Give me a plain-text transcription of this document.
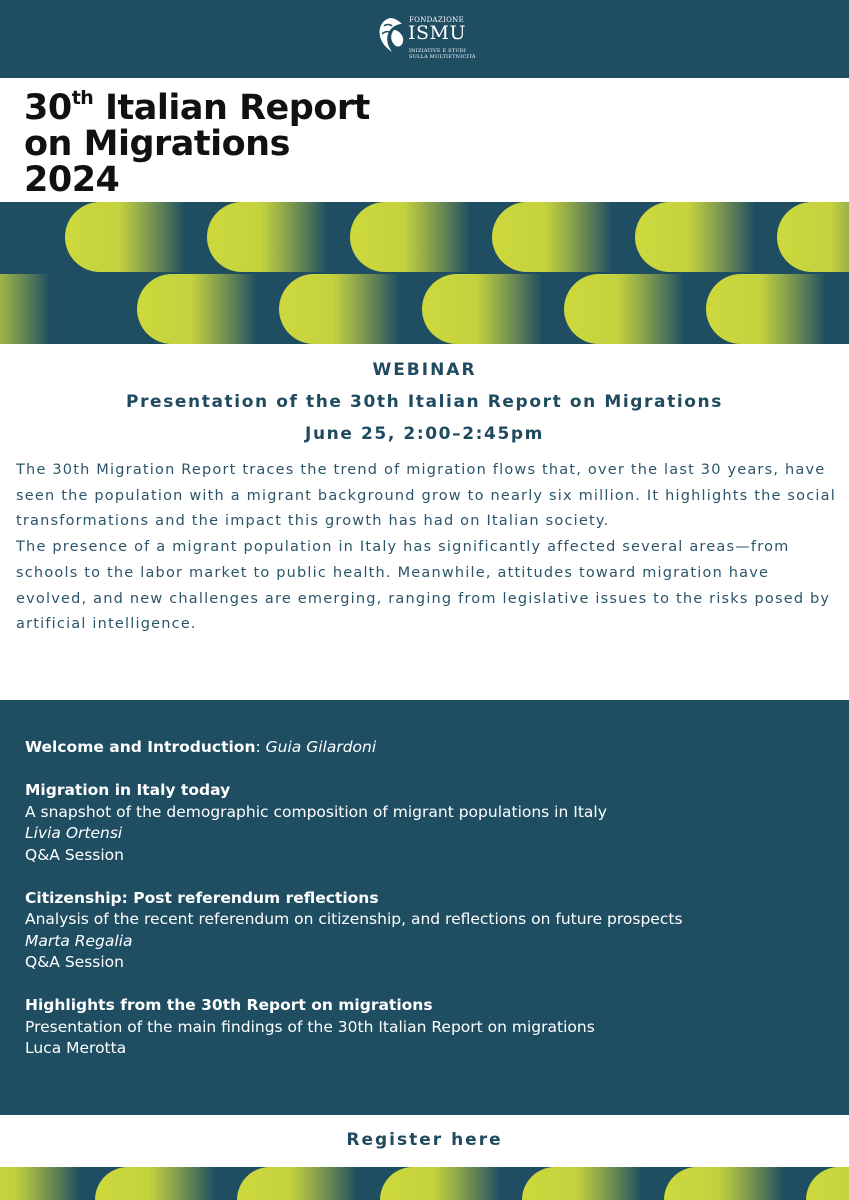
FONDAZIONE
ISMU
INIZIATIVE E STUDI
SULLA MULTIETNICITÀ
30th Italian Report
on Migrations
2024
WEBINAR
Presentation of the 30th Italian Report on Migrations
June 25, 2:00–2:45pm

The 30th Migration Report traces the trend of migration flows that, over the last 30 years, have seen the population with a migrant background grow to nearly six million. It highlights the social transformations and the impact this growth has had on Italian society.

The presence of a migrant population in Italy has significantly affected several areas—from schools to the labor market to public health. Meanwhile, attitudes toward migration have evolved, and new challenges are emerging, ranging from legislative issues to the risks posed by artificial intelligence.

Welcome and Introduction: Guia Gilardoni
Migration in Italy today
A snapshot of the demographic composition of migrant populations in Italy
Livia Ortensi
Q&A Session
Citizenship: Post referendum reflections
Analysis of the recent referendum on citizenship, and reflections on future prospects
Marta Regalia
Q&A Session
Highlights from the 30th Report on migrations
Presentation of the main findings of the 30th Italian Report on migrations
Luca Merotta
Register here
